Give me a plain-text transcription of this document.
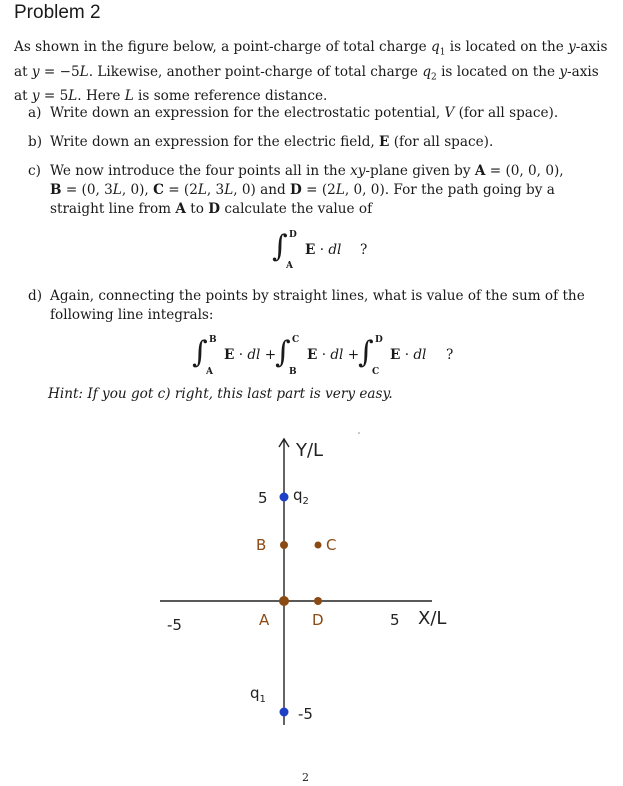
Problem 2
As shown in the figure below, a point-charge of total charge $q_1$ is located on the y-axis
at y = −5L. Likewise, another point-charge of total charge $q_2$ is located on the y-axis
at y = 5L. Here L is some reference distance.
a) Write down an expression for the electrostatic potential, V (for all space).
b) Write down an expression for the electric field, E (for all space).
c) We now introduce the four points all in the xy-plane given by A = (0, 0, 0),
B = (0, 3L, 0), C = (2L, 3L, 0) and D = (2L, 0, 0). For the path going by a
straight line from A to D calculate the value of
∫ D
A
E · dl ?
d) Again, connecting the points by straight lines, what is value of the sum of the
following line integrals:
∫ B
A
E · dl +
∫ C
B
E · dl +
∫ D
C
E · dl ?
Hint: If you got c) right, this last part is very easy.
Y/L
5 $q_2$
B	C
-5	A	D	5 X/L
$q_1$
-5
2
